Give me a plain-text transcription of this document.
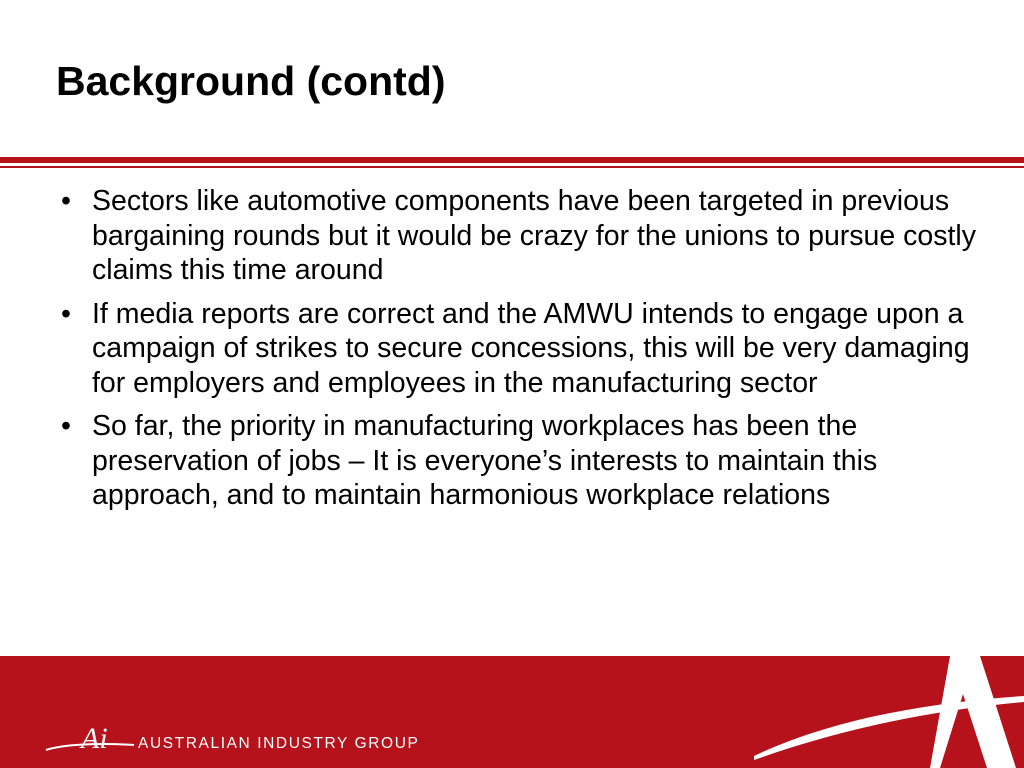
Background (contd)
• Sectors like automotive components have been targeted in previous bargaining rounds but it would be crazy for the unions to pursue costly claims this time around
• If media reports are correct and the AMWU intends to engage upon a campaign of strikes to secure concessions, this will be very damaging for employers and employees in the manufacturing sector
• So far, the priority in manufacturing workplaces has been the preservation of jobs – It is everyone’s interests to maintain this approach, and to maintain harmonious workplace relations
Ai AUSTRALIAN INDUSTRY GROUP
